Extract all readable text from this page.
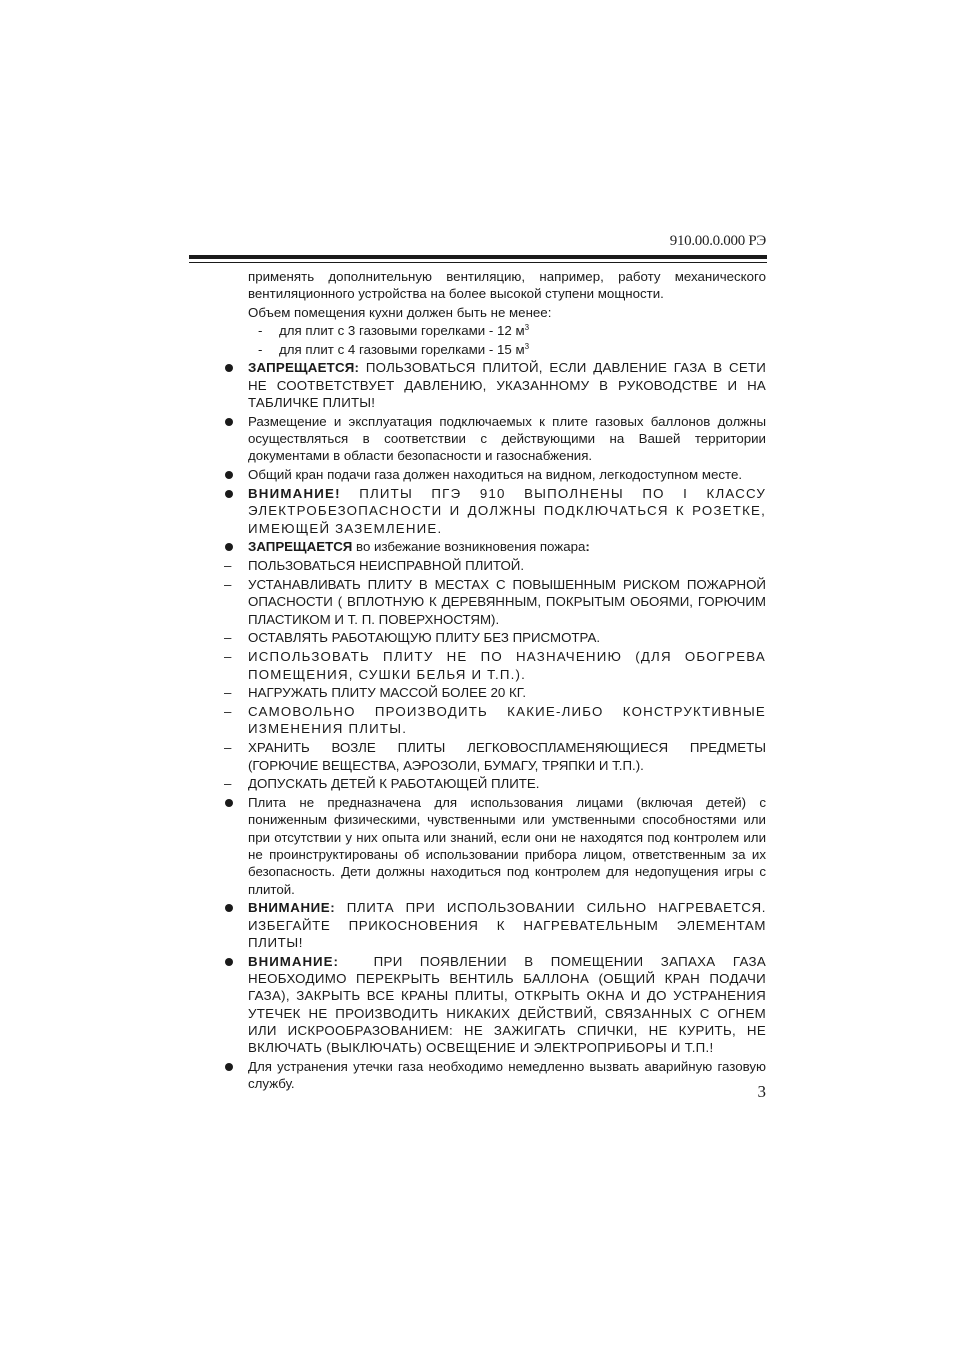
910.00.0.000 РЭ
применять дополнительную вентиляцию, например, работу механического вентиляционного устройства на более высокой ступени мощности.
Объем помещения кухни должен быть не менее:
-	для плит с 3 газовыми горелками - 12 $м^3$
-	для плит с 4 газовыми горелками - 15 $м^3$
ЗАПРЕЩАЕТСЯ: ПОЛЬЗОВАТЬСЯ ПЛИТОЙ, ЕСЛИ ДАВЛЕНИЕ ГАЗА В СЕТИ НЕ СООТВЕТСТВУЕТ ДАВЛЕНИЮ, УКАЗАННОМУ В РУКОВОДСТВЕ И НА ТАБЛИЧКЕ ПЛИТЫ!
Размещение и эксплуатация подключаемых к плите газовых баллонов должны осуществляться в соответствии с действующими на Вашей территории документами в области безопасности и газоснабжения.
Общий кран подачи газа должен находиться на видном, легкодоступном месте.
ВНИМАНИЕ! ПЛИТЫ ПГЭ 910 ВЫПОЛНЕНЫ ПО I КЛАССУ ЭЛЕКТРОБЕЗОПАСНОСТИ И ДОЛЖНЫ ПОДКЛЮЧАТЬСЯ К РОЗЕТКЕ, ИМЕЮЩЕЙ ЗАЗЕМЛЕНИЕ.
ЗАПРЕЩАЕТСЯ во избежание возникновения пожара:
–	ПОЛЬЗОВАТЬСЯ НЕИСПРАВНОЙ ПЛИТОЙ.
–	УСТАНАВЛИВАТЬ ПЛИТУ В МЕСТАХ С ПОВЫШЕННЫМ РИСКОМ ПОЖАРНОЙ ОПАСНОСТИ ( ВПЛОТНУЮ К ДЕРЕВЯННЫМ, ПОКРЫТЫМ ОБОЯМИ, ГОРЮЧИМ ПЛАСТИКОМ И Т. П. ПОВЕРХНОСТЯМ).
–	ОСТАВЛЯТЬ РАБОТАЮЩУЮ ПЛИТУ БЕЗ ПРИСМОТРА.
–	ИСПОЛЬЗОВАТЬ ПЛИТУ НЕ ПО НАЗНАЧЕНИЮ (ДЛЯ ОБОГРЕВА ПОМЕЩЕНИЯ, СУШКИ БЕЛЬЯ И Т.П.).
–	НАГРУЖАТЬ ПЛИТУ МАССОЙ БОЛЕЕ 20 КГ.
–	САМОВОЛЬНО ПРОИЗВОДИТЬ КАКИЕ-ЛИБО КОНСТРУКТИВНЫЕ ИЗМЕНЕНИЯ ПЛИТЫ.
–	ХРАНИТЬ ВОЗЛЕ ПЛИТЫ ЛЕГКОВОСПЛАМЕНЯЮЩИЕСЯ ПРЕДМЕТЫ (ГОРЮЧИЕ ВЕЩЕСТВА, АЭРОЗОЛИ, БУМАГУ, ТРЯПКИ И Т.П.).
–	ДОПУСКАТЬ ДЕТЕЙ К РАБОТАЮЩЕЙ ПЛИТЕ.
Плита не предназначена для использования лицами (включая детей) с пониженным физическими, чувственными или умственными способностями или при отсутствии у них опыта или знаний, если они не находятся под контролем или не проинструктированы об использовании прибора лицом, ответственным за их безопасность. Дети должны находиться под контролем для недопущения игры с плитой.
ВНИМАНИЕ: ПЛИТА ПРИ ИСПОЛЬЗОВАНИИ СИЛЬНО НАГРЕВАЕТСЯ. ИЗБЕГАЙТЕ ПРИКОСНОВЕНИЯ К НАГРЕВАТЕЛЬНЫМ ЭЛЕМЕНТАМ ПЛИТЫ!
ВНИМАНИЕ:  ПРИ ПОЯВЛЕНИИ В ПОМЕЩЕНИИ ЗАПАХА ГАЗА НЕОБХОДИМО ПЕРЕКРЫТЬ ВЕНТИЛЬ БАЛЛОНА (ОБЩИЙ КРАН ПОДАЧИ ГАЗА), ЗАКРЫТЬ ВСЕ КРАНЫ ПЛИТЫ, ОТКРЫТЬ ОКНА И ДО УСТРАНЕНИЯ УТЕЧЕК НЕ ПРОИЗВОДИТЬ НИКАКИХ ДЕЙСТВИЙ, СВЯЗАННЫХ С ОГНЕМ ИЛИ ИСКРООБРАЗОВАНИЕМ: НЕ ЗАЖИГАТЬ СПИЧКИ, НЕ КУРИТЬ, НЕ ВКЛЮЧАТЬ (ВЫКЛЮЧАТЬ) ОСВЕЩЕНИЕ И ЭЛЕКТРОПРИБОРЫ И Т.П.!
Для устранения утечки газа необходимо немедленно вызвать аварийную газовую службу.	3
